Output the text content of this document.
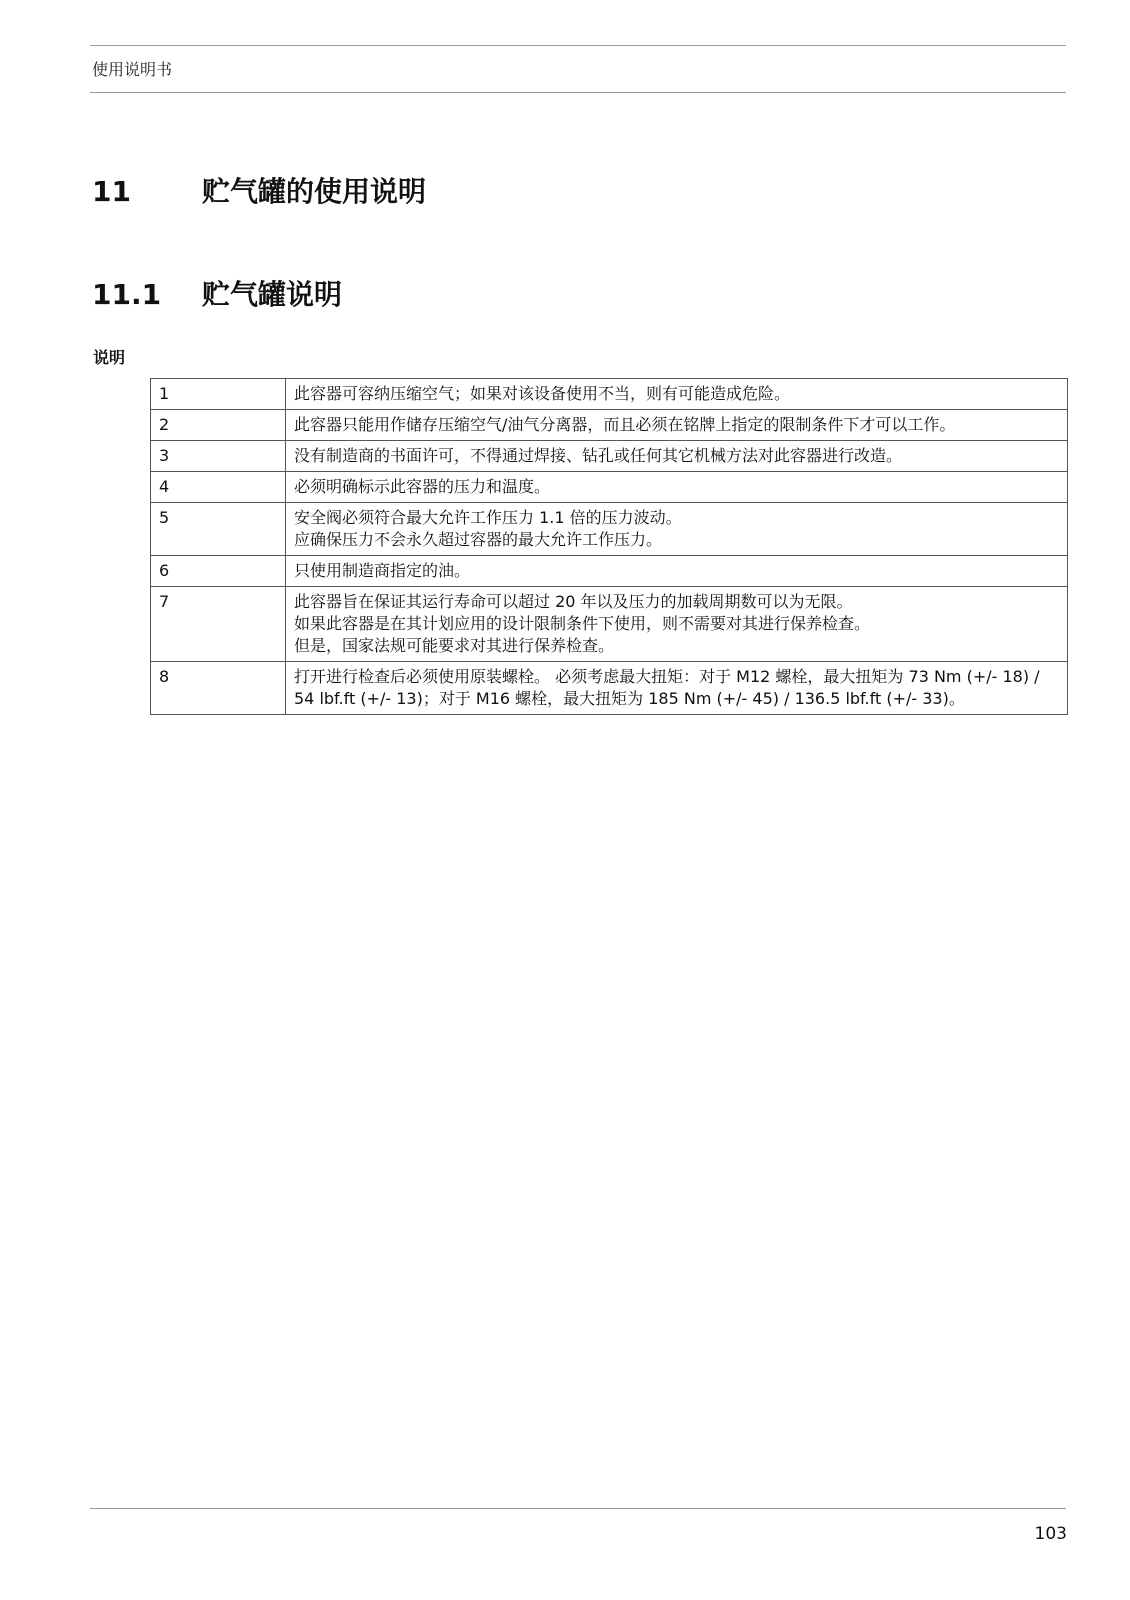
使用说明书
11	贮气罐的使用说明
11.1 贮气罐说明
说明
1	此容器可容纳压缩空气；如果对该设备使用不当，则有可能造成危险。

2	此容器只能用作储存压缩空气/油气分离器，而且必须在铭牌上指定的限制条件下才可以工作。

3	没有制造商的书面许可，不得通过焊接、钻孔或任何其它机械方法对此容器进行改造。

4	必须明确标示此容器的压力和温度。

5	安全阀必须符合最大允许工作压力 1.1 倍的压力波动。
应确保压力不会永久超过容器的最大允许工作压力。

6	只使用制造商指定的油。

7	此容器旨在保证其运行寿命可以超过 20 年以及压力的加载周期数可以为无限。
如果此容器是在其计划应用的设计限制条件下使用，则不需要对其进行保养检查。
但是，国家法规可能要求对其进行保养检查。

8	打开进行检查后必须使用原装螺栓。 必须考虑最大扭矩：对于 M12 螺栓，最大扭矩为 73 Nm (+/- 18) / 54 lbf.ft (+/- 13)；对于 M16 螺栓，最大扭矩为 185 Nm (+/- 45) / 136.5 lbf.ft (+/- 33)。
103
